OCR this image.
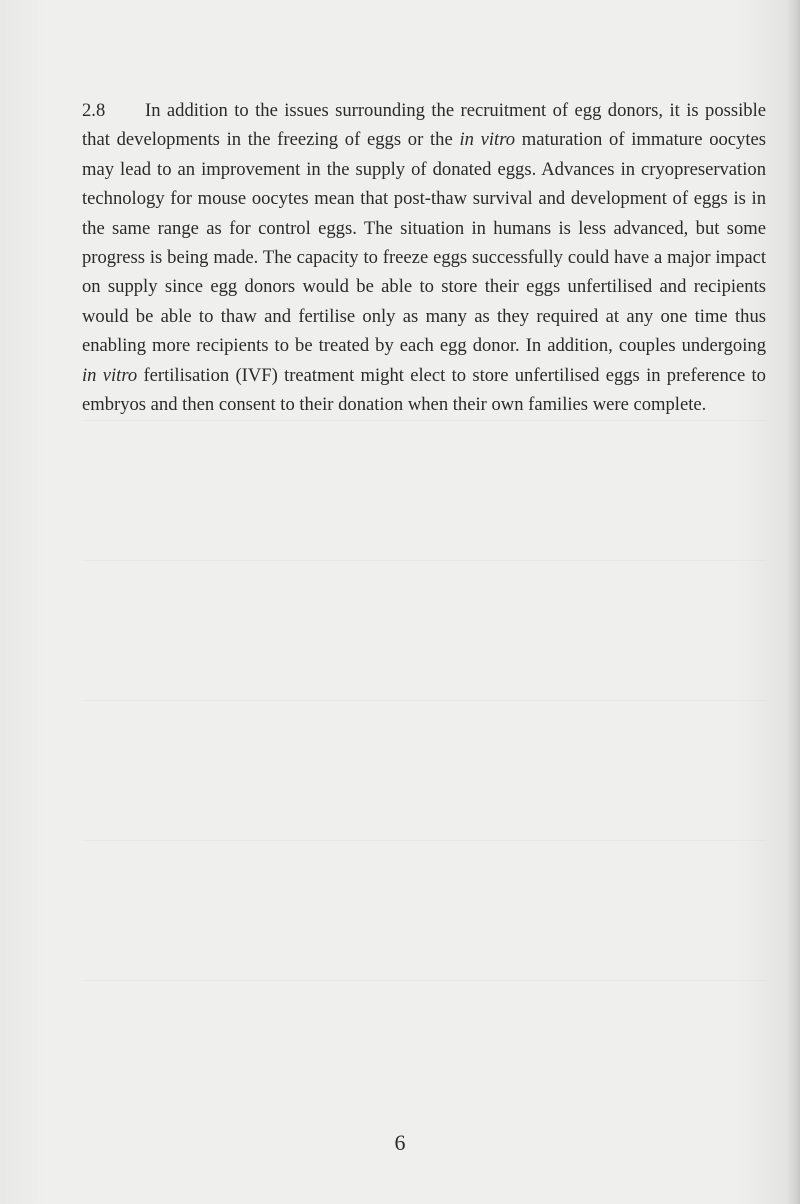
2.8 In addition to the issues surrounding the recruitment of egg donors, it is possible that developments in the freezing of eggs or the in vitro maturation of immature oocytes may lead to an improvement in the supply of donated eggs. Advances in cryopreservation technology for mouse oocytes mean that post-thaw survival and development of eggs is in the same range as for control eggs. The situation in humans is less advanced, but some progress is being made. The capacity to freeze eggs successfully could have a major impact on supply since egg donors would be able to store their eggs unfertilised and recipients would be able to thaw and fertilise only as many as they required at any one time thus enabling more recipients to be treated by each egg donor. In addition, couples undergoing in vitro fertilisation (IVF) treatment might elect to store unfertilised eggs in preference to embryos and then consent to their donation when their own families were complete.

6
